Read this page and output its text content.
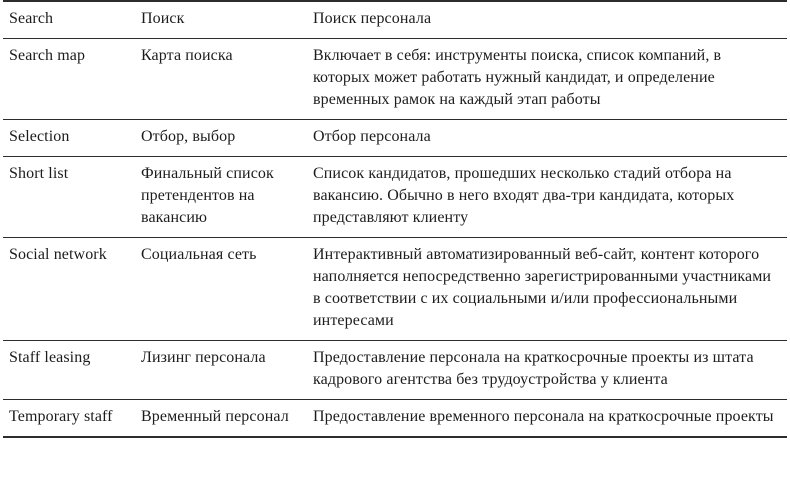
Search	Поиск	Поиск персонала
Search map	Карта поиска	Включает в себя: инструменты поиска, список компаний, в которых может работать нужный кандидат, и определение временных рамок на каждый этап работы
Selection	Отбор, выбор	Отбор персонала
Short list	Финальный список претендентов на вакансию	Список кандидатов, прошедших несколько стадий отбора на вакансию. Обычно в него входят два-три кандидата, которых представляют клиенту
Social network	Социальная сеть	Интерактивный автоматизированный веб-сайт, контент которого наполняется непосредственно зарегистрированными участниками в соответствии с их социальными и/или профессиональными интересами
Staff leasing	Лизинг персонала	Предоставление персонала на краткосрочные проекты из штата кадрового агентства без трудоустройства у клиента
Temporary staff	Временный персонал	Предоставление временного персонала на краткосрочные проекты
